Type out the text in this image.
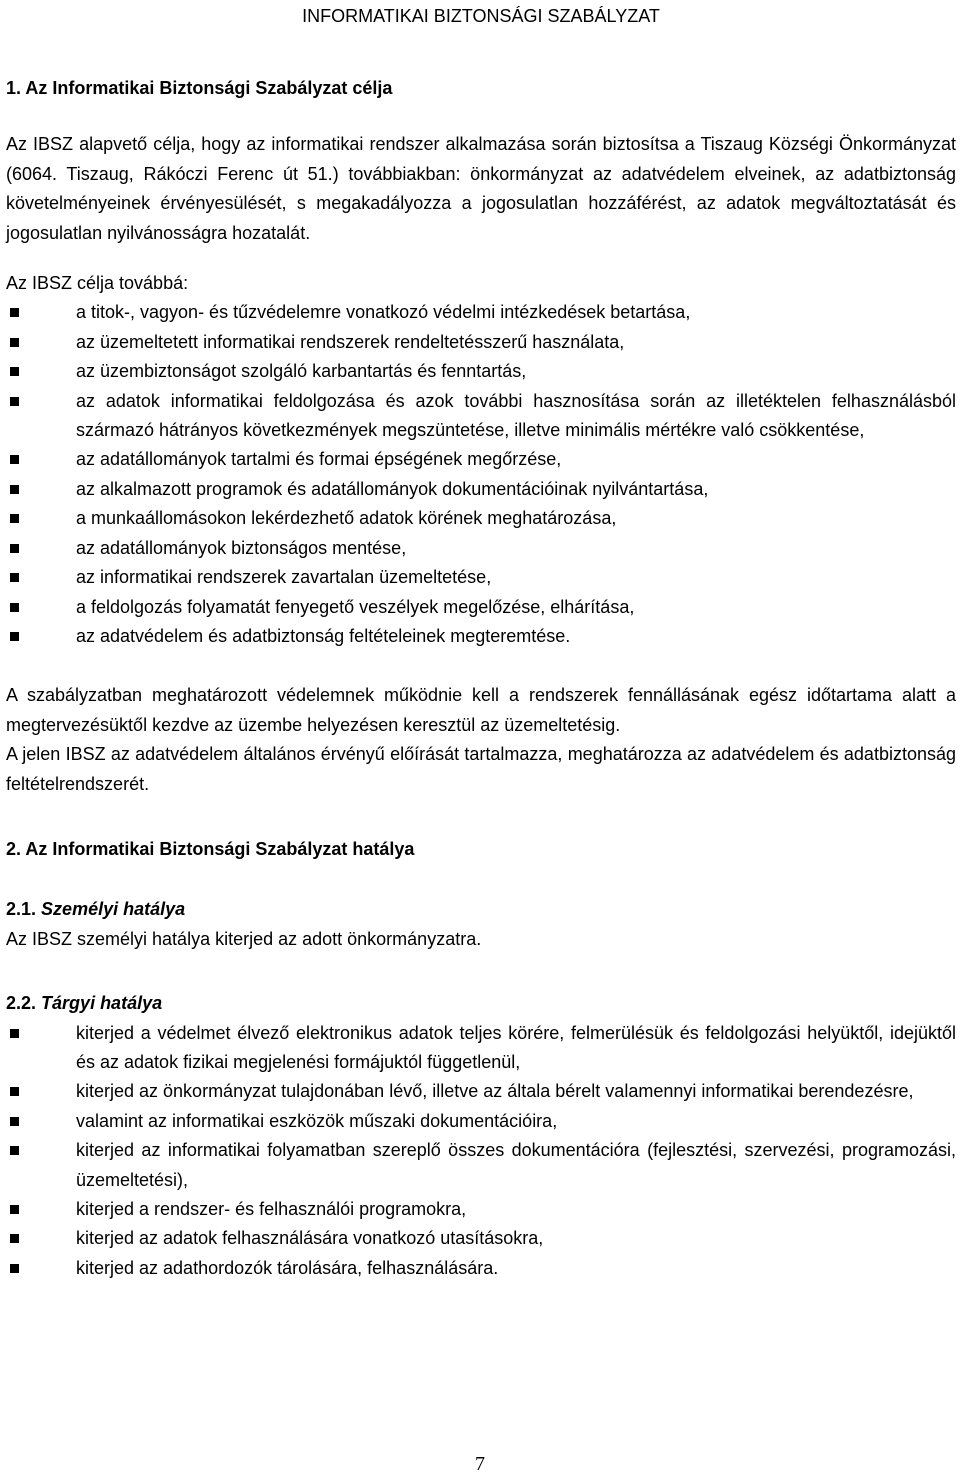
INFORMATIKAI BIZTONSÁGI SZABÁLYZAT

1. Az Informatikai Biztonsági Szabályzat célja

Az IBSZ alapvető célja, hogy az informatikai rendszer alkalmazása során biztosítsa a Tiszaug Községi Önkormányzat (6064. Tiszaug, Rákóczi Ferenc út 51.) továbbiakban: önkormányzat az adatvédelem elveinek, az adatbiztonság követelményeinek érvényesülését, s megakadályozza a jogosulatlan hozzáférést, az adatok megváltoztatását és jogosulatlan nyilvánosságra hozatalát.

Az IBSZ célja továbbá:

a titok-, vagyon- és tűzvédelemre vonatkozó védelmi intézkedések betartása,
az üzemeltetett informatikai rendszerek rendeltetésszerű használata,
az üzembiztonságot szolgáló karbantartás és fenntartás,
az adatok informatikai feldolgozása és azok további hasznosítása során az illetéktelen felhasználásból származó hátrányos következmények megszüntetése, illetve minimális mértékre való csökkentése,
az adatállományok tartalmi és formai épségének megőrzése,
az alkalmazott programok és adatállományok dokumentációinak nyilvántartása,
a munkaállomásokon lekérdezhető adatok körének meghatározása,
az adatállományok biztonságos mentése,
az informatikai rendszerek zavartalan üzemeltetése,
a feldolgozás folyamatát fenyegető veszélyek megelőzése, elhárítása,
az adatvédelem és adatbiztonság feltételeinek megteremtése.

A szabályzatban meghatározott védelemnek működnie kell a rendszerek fennállásának egész időtartama alatt a megtervezésüktől kezdve az üzembe helyezésen keresztül az üzemeltetésig.

A jelen IBSZ az adatvédelem általános érvényű előírását tartalmazza, meghatározza az adatvédelem és adatbiztonság feltételrendszerét.

2. Az Informatikai Biztonsági Szabályzat hatálya

2.1. Személyi hatálya

Az IBSZ személyi hatálya kiterjed az adott önkormányzatra.

2.2. Tárgyi hatálya

kiterjed a védelmet élvező elektronikus adatok teljes körére, felmerülésük és feldolgozási helyüktől, idejüktől és az adatok fizikai megjelenési formájuktól függetlenül,
kiterjed az önkormányzat tulajdonában lévő, illetve az általa bérelt valamennyi informatikai berendezésre,
valamint az informatikai eszközök műszaki dokumentációira,
kiterjed az informatikai folyamatban szereplő összes dokumentációra (fejlesztési, szervezési, programozási, üzemeltetési),
kiterjed a rendszer- és felhasználói programokra,
kiterjed az adatok felhasználására vonatkozó utasításokra,
kiterjed az adathordozók tárolására, felhasználására.
7
